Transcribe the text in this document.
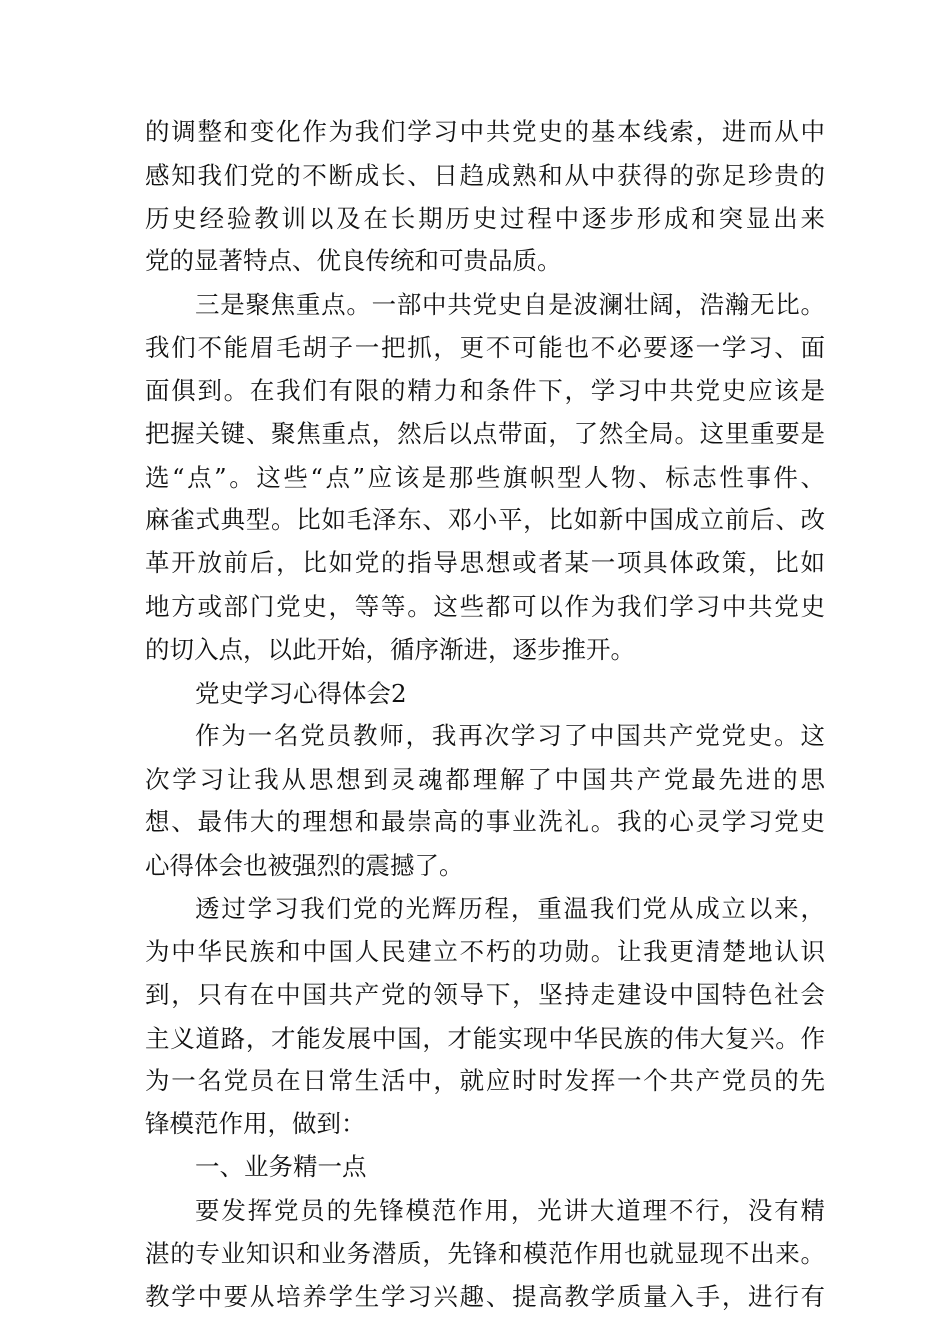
的调整和变化作为我们学习中共党史的基本线索，进而从中
感知我们党的不断成长、日趋成熟和从中获得的弥足珍贵的
历史经验教训以及在长期历史过程中逐步形成和突显出来
党的显著特点、优良传统和可贵品质。
三是聚焦重点。一部中共党史自是波澜壮阔，浩瀚无比。
我们不能眉毛胡子一把抓，更不可能也不必要逐一学习、面
面俱到。在我们有限的精力和条件下，学习中共党史应该是
把握关键、聚焦重点，然后以点带面，了然全局。这里重要是
选“点”。这些“点”应该是那些旗帜型人物、标志性事件、
麻雀式典型。比如毛泽东、邓小平，比如新中国成立前后、改
革开放前后，比如党的指导思想或者某一项具体政策，比如
地方或部门党史，等等。这些都可以作为我们学习中共党史
的切入点，以此开始，循序渐进，逐步推开。
党史学习心得体会2
作为一名党员教师，我再次学习了中国共产党党史。这
次学习让我从思想到灵魂都理解了中国共产党最先进的思
想、最伟大的理想和最崇高的事业洗礼。我的心灵学习党史
心得体会也被强烈的震撼了。
透过学习我们党的光辉历程，重温我们党从成立以来，
为中华民族和中国人民建立不朽的功勋。让我更清楚地认识
到，只有在中国共产党的领导下，坚持走建设中国特色社会
主义道路，才能发展中国，才能实现中华民族的伟大复兴。作
为一名党员在日常生活中，就应时时发挥一个共产党员的先
锋模范作用，做到：
一、业务精一点
要发挥党员的先锋模范作用，光讲大道理不行，没有精
湛的专业知识和业务潜质，先锋和模范作用也就显现不出来。
教学中要从培养学生学习兴趣、提高教学质量入手，进行有
